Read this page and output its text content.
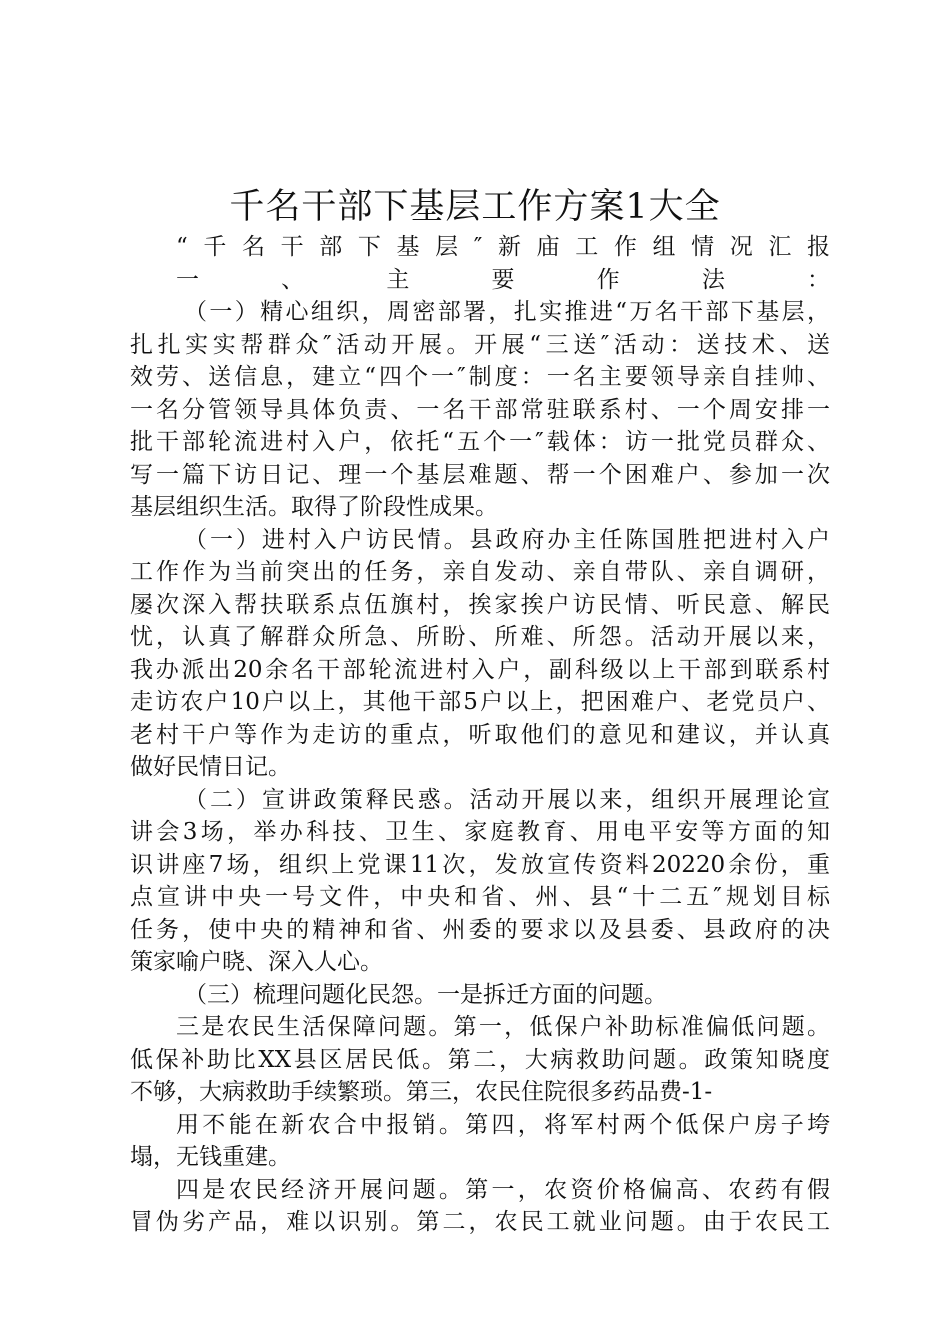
千名干部下基层工作方案1大全
“千名干部下基层″新庙工作组情况汇报
一、主要作法：
（一）精心组织，周密部署，扎实推进“万名干部下基层，
扎扎实实帮群众″活动开展。开展“三送″活动：送技术、送
效劳、送信息，建立“四个一″制度：一名主要领导亲自挂帅、
一名分管领导具体负责、一名干部常驻联系村、一个周安排一
批干部轮流进村入户，依托“五个一″载体：访一批党员群众、
写一篇下访日记、理一个基层难题、帮一个困难户、参加一次
基层组织生活。取得了阶段性成果。
（一）进村入户访民情。县政府办主任陈国胜把进村入户
工作作为当前突出的任务，亲自发动、亲自带队、亲自调研，
屡次深入帮扶联系点伍旗村，挨家挨户访民情、听民意、解民
忧，认真了解群众所急、所盼、所难、所怨。活动开展以来，
我办派出20余名干部轮流进村入户，副科级以上干部到联系村
走访农户10户以上，其他干部5户以上，把困难户、老党员户、
老村干户等作为走访的重点，听取他们的意见和建议，并认真
做好民情日记。
（二）宣讲政策释民惑。活动开展以来，组织开展理论宣
讲会3场，举办科技、卫生、家庭教育、用电平安等方面的知
识讲座7场，组织上党课11次，发放宣传资料20220余份，重
点宣讲中央一号文件，中央和省、州、县“十二五″规划目标
任务，使中央的精神和省、州委的要求以及县委、县政府的决
策家喻户晓、深入人心。
（三）梳理问题化民怨。一是拆迁方面的问题。
三是农民生活保障问题。第一，低保户补助标准偏低问题。
低保补助比XX县区居民低。第二，大病救助问题。政策知晓度
不够，大病救助手续繁琐。第三，农民住院很多药品费-1-
用不能在新农合中报销。第四，将军村两个低保户房子垮
塌，无钱重建。
四是农民经济开展问题。第一，农资价格偏高、农药有假
冒伪劣产品，难以识别。第二，农民工就业问题。由于农民工
